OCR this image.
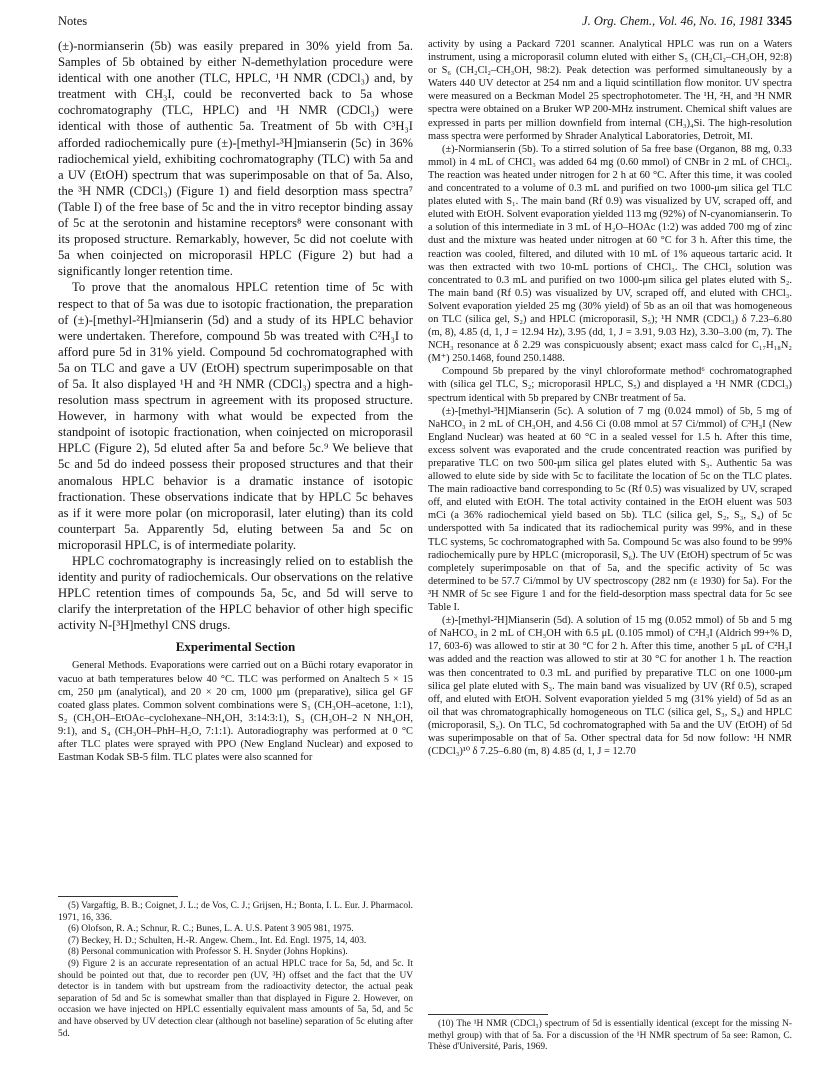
Notes	J. Org. Chem., Vol. 46, No. 16, 1981 3345

(±)-normianserin (5b) was easily prepared in 30% yield from 5a. Samples of 5b obtained by either N-demethylation procedure were identical with one another (TLC, HPLC, ¹H NMR (CDCl₃) and, by treatment with CH₃I, could be reconverted back to 5a whose cochromatography (TLC, HPLC) and ¹H NMR (CDCl₃) were identical with those of authentic 5a. Treatment of 5b with C³H₃I afforded radiochemically pure (±)-[methyl-³H]mianserin (5c) in 36% radiochemical yield, exhibiting cochromatography (TLC) with 5a and a UV (EtOH) spectrum that was superimposable on that of 5a. Also, the ³H NMR (CDCl₃) (Figure 1) and field desorption mass spectra⁷ (Table I) of the free base of 5c and the in vitro receptor binding assay of 5c at the serotonin and histamine receptors⁸ were consonant with its proposed structure. Remarkably, however, 5c did not coelute with 5a when coinjected on microporasil HPLC (Figure 2) but had a significantly longer retention time.

To prove that the anomalous HPLC retention time of 5c with respect to that of 5a was due to isotopic fractionation, the preparation of (±)-[methyl-²H]mianserin (5d) and a study of its HPLC behavior were undertaken. Therefore, compound 5b was treated with C²H₃I to afford pure 5d in 31% yield. Compound 5d cochromatographed with 5a on TLC and gave a UV (EtOH) spectrum superimposable on that of 5a. It also displayed ¹H and ²H NMR (CDCl₃) spectra and a high-resolution mass spectrum in agreement with its proposed structure. However, in harmony with what would be expected from the standpoint of isotopic fractionation, when coinjected on microporasil HPLC (Figure 2), 5d eluted after 5a and before 5c.⁹ We believe that 5c and 5d do indeed possess their proposed structures and that their anomalous HPLC behavior is a dramatic instance of isotopic fractionation. These observations indicate that by HPLC 5c behaves as if it were more polar (on microporasil, later eluting) than its cold counterpart 5a. Apparently 5d, eluting between 5a and 5c on microporasil HPLC, is of intermediate polarity.

HPLC cochromatography is increasingly relied on to establish the identity and purity of radiochemicals. Our observations on the relative HPLC retention times of compounds 5a, 5c, and 5d will serve to clarify the interpretation of the HPLC behavior of other high specific activity N-[³H]methyl CNS drugs.

Experimental Section

General Methods. Evaporations were carried out on a Büchi rotary evaporator in vacuo at bath temperatures below 40 °C. TLC was performed on Analtech 5 × 15 cm, 250 μm (analytical), and 20 × 20 cm, 1000 μm (preparative), silica gel GF coated glass plates. Common solvent combinations were S₁ (CH₃OH–acetone, 1:1), S₂ (CH₃OH–EtOAc–cyclohexane–NH₄OH, 3:14:3:1), S₃ (CH₃OH–2 N NH₄OH, 9:1), and S₄ (CH₃OH–PhH–H₂O, 7:1:1). Autoradiography was performed at 0 °C after TLC plates were sprayed with PPO (New England Nuclear) and exposed to Eastman Kodak SB-5 film. TLC plates were also scanned for

(5) Vargaftig, B. B.; Coignet, J. L.; de Vos, C. J.; Grijsen, H.; Bonta, I. L. Eur. J. Pharmacol. 1971, 16, 336.

(6) Olofson, R. A.; Schnur, R. C.; Bunes, L. A. U.S. Patent 3 905 981, 1975.

(7) Beckey, H. D.; Schulten, H.-R. Angew. Chem., Int. Ed. Engl. 1975, 14, 403.

(8) Personal communication with Professor S. H. Snyder (Johns Hopkins).

(9) Figure 2 is an accurate representation of an actual HPLC trace for 5a, 5d, and 5c. It should be pointed out that, due to recorder pen (UV, ³H) offset and the fact that the UV detector is in tandem with but upstream from the radioactivity detector, the actual peak separation of 5d and 5c is somewhat smaller than that displayed in Figure 2. However, on occasion we have injected on HPLC essentially equivalent mass amounts of 5a, 5d, and 5c and have observed by UV detection clear (although not baseline) separation of 5c eluting after 5d.

activity by using a Packard 7201 scanner. Analytical HPLC was run on a Waters instrument, using a microporasil column eluted with either S₅ (CH₂Cl₂–CH₃OH, 92:8) or S₆ (CH₂Cl₂–CH₃OH, 98:2). Peak detection was performed simultaneously by a Waters 440 UV detector at 254 nm and a liquid scintillation flow monitor. UV spectra were measured on a Beckman Model 25 spectrophotometer. The ¹H, ²H, and ³H NMR spectra were obtained on a Bruker WP 200-MHz instrument. Chemical shift values are expressed in parts per million downfield from internal (CH₃)₄Si. The high-resolution mass spectra were performed by Shrader Analytical Laboratories, Detroit, MI.

(±)-Normianserin (5b). To a stirred solution of 5a free base (Organon, 88 mg, 0.33 mmol) in 4 mL of CHCl₃ was added 64 mg (0.60 mmol) of CNBr in 2 mL of CHCl₃. The reaction was heated under nitrogen for 2 h at 60 °C. After this time, it was cooled and concentrated to a volume of 0.3 mL and purified on two 1000-μm silica gel TLC plates eluted with S₁. The main band (Rf 0.9) was visualized by UV, scraped off, and eluted with EtOH. Solvent evaporation yielded 113 mg (92%) of N-cyanomianserin. To a solution of this intermediate in 3 mL of H₂O–HOAc (1:2) was added 700 mg of zinc dust and the mixture was heated under nitrogen at 60 °C for 3 h. After this time, the reaction was cooled, filtered, and diluted with 10 mL of 1% aqueous tartaric acid. It was then extracted with two 10-mL portions of CHCl₃. The CHCl₃ solution was concentrated to 0.3 mL and purified on two 1000-μm silica gel plates eluted with S₂. The main band (Rf 0.5) was visualized by UV, scraped off, and eluted with CHCl₃. Solvent evaporation yielded 25 mg (30% yield) of 5b as an oil that was homogeneous on TLC (silica gel, S₂) and HPLC (microporasil, S₅); ¹H NMR (CDCl₃) δ 7.23–6.80 (m, 8), 4.85 (d, 1, J = 12.94 Hz), 3.95 (dd, 1, J = 3.91, 9.03 Hz), 3.30–3.00 (m, 7). The NCH₃ resonance at δ 2.29 was conspicuously absent; exact mass calcd for C₁₇H₁₈N₂ (M⁺) 250.1468, found 250.1488.

Compound 5b prepared by the vinyl chloroformate method⁶ cochromatographed with (silica gel TLC, S₂; microporasil HPLC, S₅) and displayed a ¹H NMR (CDCl₃) spectrum identical with 5b prepared by CNBr treatment of 5a.

(±)-[methyl-³H]Mianserin (5c). A solution of 7 mg (0.024 mmol) of 5b, 5 mg of NaHCO₃ in 2 mL of CH₃OH, and 4.56 Ci (0.08 mmol at 57 Ci/mmol) of C³H₃I (New England Nuclear) was heated at 60 °C in a sealed vessel for 1.5 h. After this time, excess solvent was evaporated and the crude concentrated reaction was purified by preparative TLC on two 500-μm silica gel plates eluted with S₃. Authentic 5a was allowed to elute side by side with 5c to facilitate the location of 5c on the TLC plates. The main radioactive band corresponding to 5c (Rf 0.5) was visualized by UV, scraped off, and eluted with EtOH. The total activity contained in the EtOH eluent was 503 mCi (a 36% radiochemical yield based on 5b). TLC (silica gel, S₂, S₃, S₄) of 5c underspotted with 5a indicated that its radiochemical purity was 99%, and in these TLC systems, 5c cochromatographed with 5a. Compound 5c was also found to be 99% radiochemically pure by HPLC (microporasil, S₆). The UV (EtOH) spectrum of 5c was completely superimposable on that of 5a, and the specific activity of 5c was determined to be 57.7 Ci/mmol by UV spectroscopy (282 nm (ε 1930) for 5a). For the ³H NMR of 5c see Figure 1 and for the field-desorption mass spectral data for 5c see Table I.

(±)-[methyl-²H]Mianserin (5d). A solution of 15 mg (0.052 mmol) of 5b and 5 mg of NaHCO₃ in 2 mL of CH₃OH with 6.5 μL (0.105 mmol) of C²H₃I (Aldrich 99+% D, 17, 603-6) was allowed to stir at 30 °C for 2 h. After this time, another 5 μL of C²H₃I was added and the reaction was allowed to stir at 30 °C for another 1 h. The reaction was then concentrated to 0.3 mL and purified by preparative TLC on one 1000-μm silica gel plate eluted with S₃. The main band was visualized by UV (Rf 0.5), scraped off, and eluted with EtOH. Solvent evaporation yielded 5 mg (31% yield) of 5d as an oil that was chromatographically homogeneous on TLC (silica gel, S₃, S₄) and HPLC (microporasil, S₅). On TLC, 5d cochromatographed with 5a and the UV (EtOH) of 5d was superimposable on that of 5a. Other spectral data for 5d now follow: ¹H NMR (CDCl₃)¹⁰ δ 7.25–6.80 (m, 8) 4.85 (d, 1, J = 12.70

(10) The ¹H NMR (CDCl₃) spectrum of 5d is essentially identical (except for the missing N-methyl group) with that of 5a. For a discussion of the ¹H NMR spectrum of 5a see: Ramon, C. Thèse d'Université, Paris, 1969.
